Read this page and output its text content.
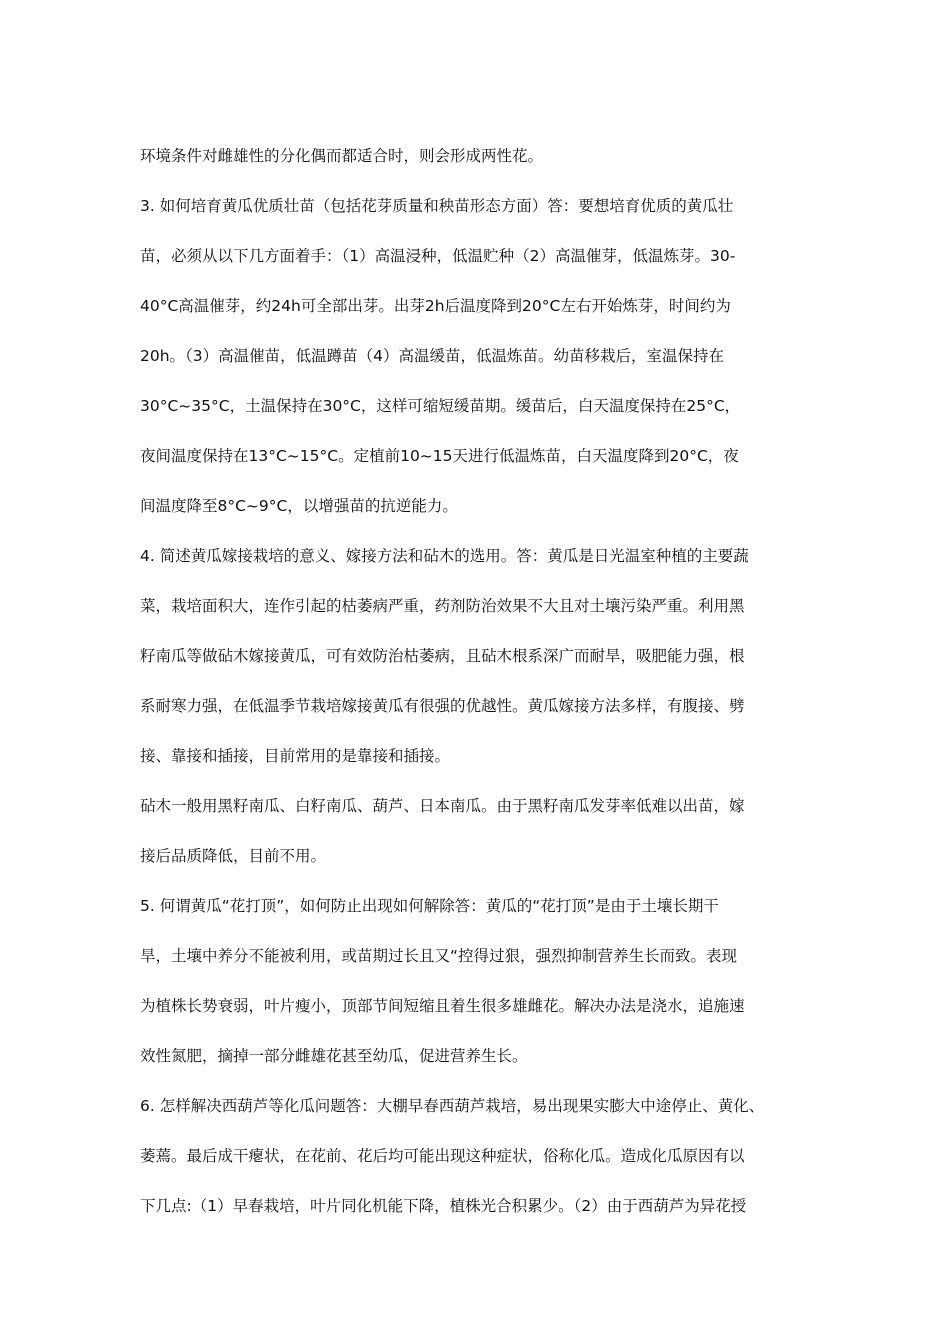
环境条件对雌雄性的分化偶而都适合时，则会形成两性花。
3. 如何培育黄瓜优质壮苗（包括花芽质量和秧苗形态方面）答：要想培育优质的黄瓜壮
苗，必须从以下几方面着手：（1）高温浸种，低温贮种（2）高温催芽，低温炼芽。30-
40°C高温催芽，约24h可全部出芽。出芽2h后温度降到20°C左右开始炼芽，时间约为
20h。（3）高温催苗，低温蹲苗（4）高温缓苗，低温炼苗。幼苗移栽后，室温保持在
30°C~35°C，土温保持在30°C，这样可缩短缓苗期。缓苗后，白天温度保持在25°C，
夜间温度保持在13°C~15°C。定植前10~15天进行低温炼苗，白天温度降到20°C，夜
间温度降至8°C~9°C，以增强苗的抗逆能力。
4. 简述黄瓜嫁接栽培的意义、嫁接方法和砧木的选用。答：黄瓜是日光温室种植的主要蔬
菜，栽培面积大，连作引起的枯萎病严重，药剂防治效果不大且对土壤污染严重。利用黑
籽南瓜等做砧木嫁接黄瓜，可有效防治枯萎病，且砧木根系深广而耐旱，吸肥能力强，根
系耐寒力强，在低温季节栽培嫁接黄瓜有很强的优越性。黄瓜嫁接方法多样，有腹接、劈
接、靠接和插接，目前常用的是靠接和插接。
砧木一般用黑籽南瓜、白籽南瓜、葫芦、日本南瓜。由于黑籽南瓜发芽率低难以出苗，嫁
接后品质降低，目前不用。
5. 何谓黄瓜“花打顶”，如何防止出现如何解除答：黄瓜的“花打顶”是由于土壤长期干
旱，土壤中养分不能被利用，或苗期过长且又“控得过狠，强烈抑制营养生长而致。表现
为植株长势衰弱，叶片瘦小，顶部节间短缩且着生很多雄雌花。解决办法是浇水，追施速
效性氮肥，摘掉一部分雌雄花甚至幼瓜，促进营养生长。
6. 怎样解决西葫芦等化瓜问题答：大棚早春西葫芦栽培，易出现果实膨大中途停止、黄化、
萎蔫。最后成干瘪状，在花前、花后均可能出现这种症状，俗称化瓜。造成化瓜原因有以
下几点:（1）早春栽培，叶片同化机能下降，植株光合积累少。（2）由于西葫芦为异花授
